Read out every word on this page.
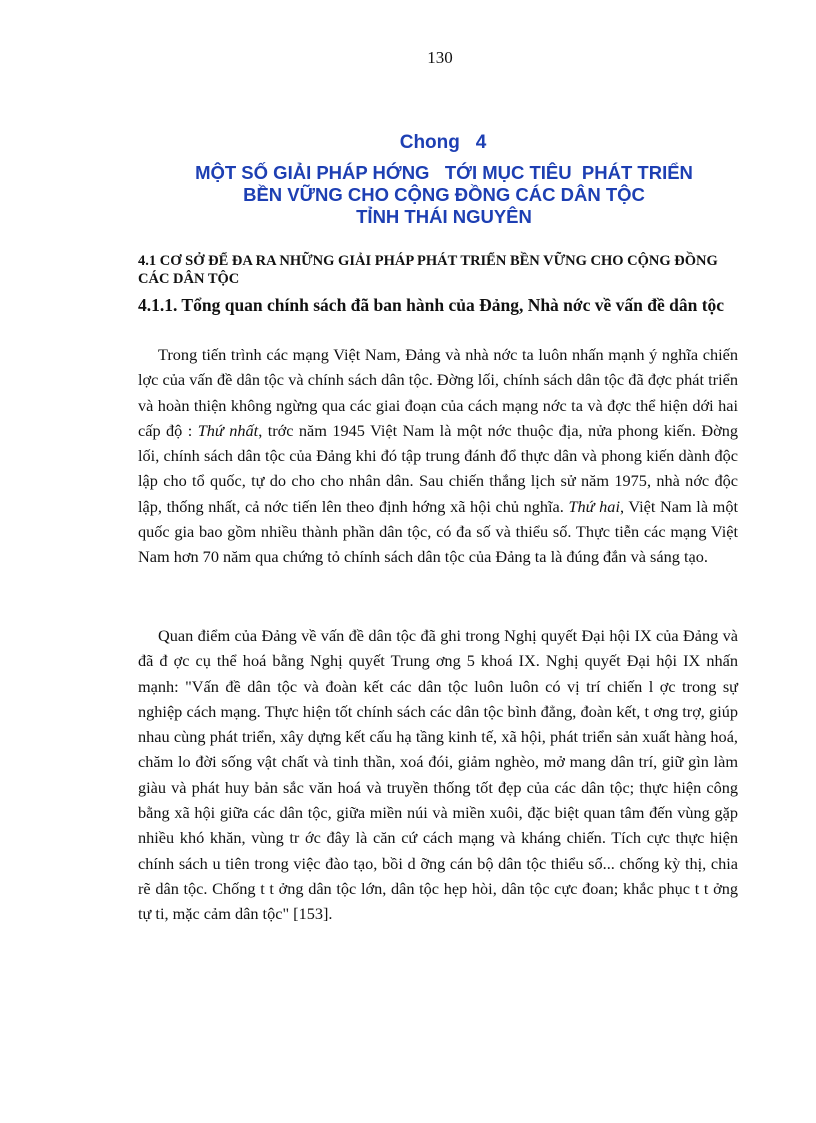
130
Chong   4
MỘT SỐ GIẢI PHÁP HỚNG   TỚI MỤC TIÊU  PHÁT TRIỂN
BỀN VỮNG CHO CỘNG ĐỒNG CÁC DÂN TỘC
TỈNH THÁI NGUYÊN
4.1 CƠ SỞ ĐỂ ĐA RA NHỮNG GIẢI PHÁP PHÁT TRIỂN BỀN VỮNG CHO CỘNG ĐỒNG CÁC DÂN TỘC
4.1.1. Tổng quan chính sách đã ban hành của Đảng, Nhà nớc về vấn đề dân tộc

Trong tiến trình các mạng Việt Nam, Đảng và nhà nớc ta luôn nhấn mạnh ý nghĩa chiến lợc của vấn đề dân tộc và chính sách dân tộc. Đờng lối, chính sách dân tộc đã đợc phát triển và hoàn thiện không ngừng qua các giai đoạn của cách mạng nớc ta và đợc thể hiện dới hai cấp độ : Thứ nhất, trớc năm 1945 Việt Nam là một nớc thuộc địa, nửa phong kiến. Đờng lối, chính sách dân tộc của Đảng khi đó tập trung đánh đổ thực dân và phong kiến dành độc lập cho tổ quốc, tự do cho cho nhân dân. Sau chiến thắng lịch sử năm 1975, nhà nớc độc lập, thống nhất, cả nớc tiến lên theo định hớng xã hội chủ nghĩa. Thứ hai, Việt Nam là một quốc gia bao gồm nhiều thành phần dân tộc, có đa số và thiểu số. Thực tiễn các mạng Việt Nam hơn 70 năm qua chứng tỏ chính sách dân tộc của Đảng ta là đúng đắn và sáng tạo.

Quan điểm của Đảng về vấn đề dân tộc đã ghi trong Nghị quyết Đại hội IX của Đảng và đã đ ợc cụ thể hoá bằng Nghị quyết Trung ơng 5 khoá IX. Nghị quyết Đại hội IX nhấn mạnh: "Vấn đề dân tộc và đoàn kết các dân tộc luôn luôn có vị trí chiến l ợc trong sự nghiệp cách mạng. Thực hiện tốt chính sách các dân tộc bình đẳng, đoàn kết, t ơng trợ, giúp nhau cùng phát triển, xây dựng kết cấu hạ tầng kinh tế, xã hội, phát triển sản xuất hàng hoá, chăm lo đời sống vật chất và tinh thần, xoá đói, giảm nghèo, mở mang dân trí, giữ gìn làm giàu và phát huy bản sắc văn hoá và truyền thống tốt đẹp của các dân tộc; thực hiện công bằng xã hội giữa các dân tộc, giữa miền núi và miền xuôi, đặc biệt quan tâm đến vùng gặp nhiều khó khăn, vùng tr ớc đây là căn cứ cách mạng và kháng chiến. Tích cực thực hiện chính sách u tiên trong việc đào tạo, bồi d ỡng cán bộ dân tộc thiểu số... chống kỳ thị, chia rẽ dân tộc. Chống t t ởng dân tộc lớn, dân tộc hẹp hòi, dân tộc cực đoan; khắc phục t t ởng tự ti, mặc cảm dân tộc" [153].
